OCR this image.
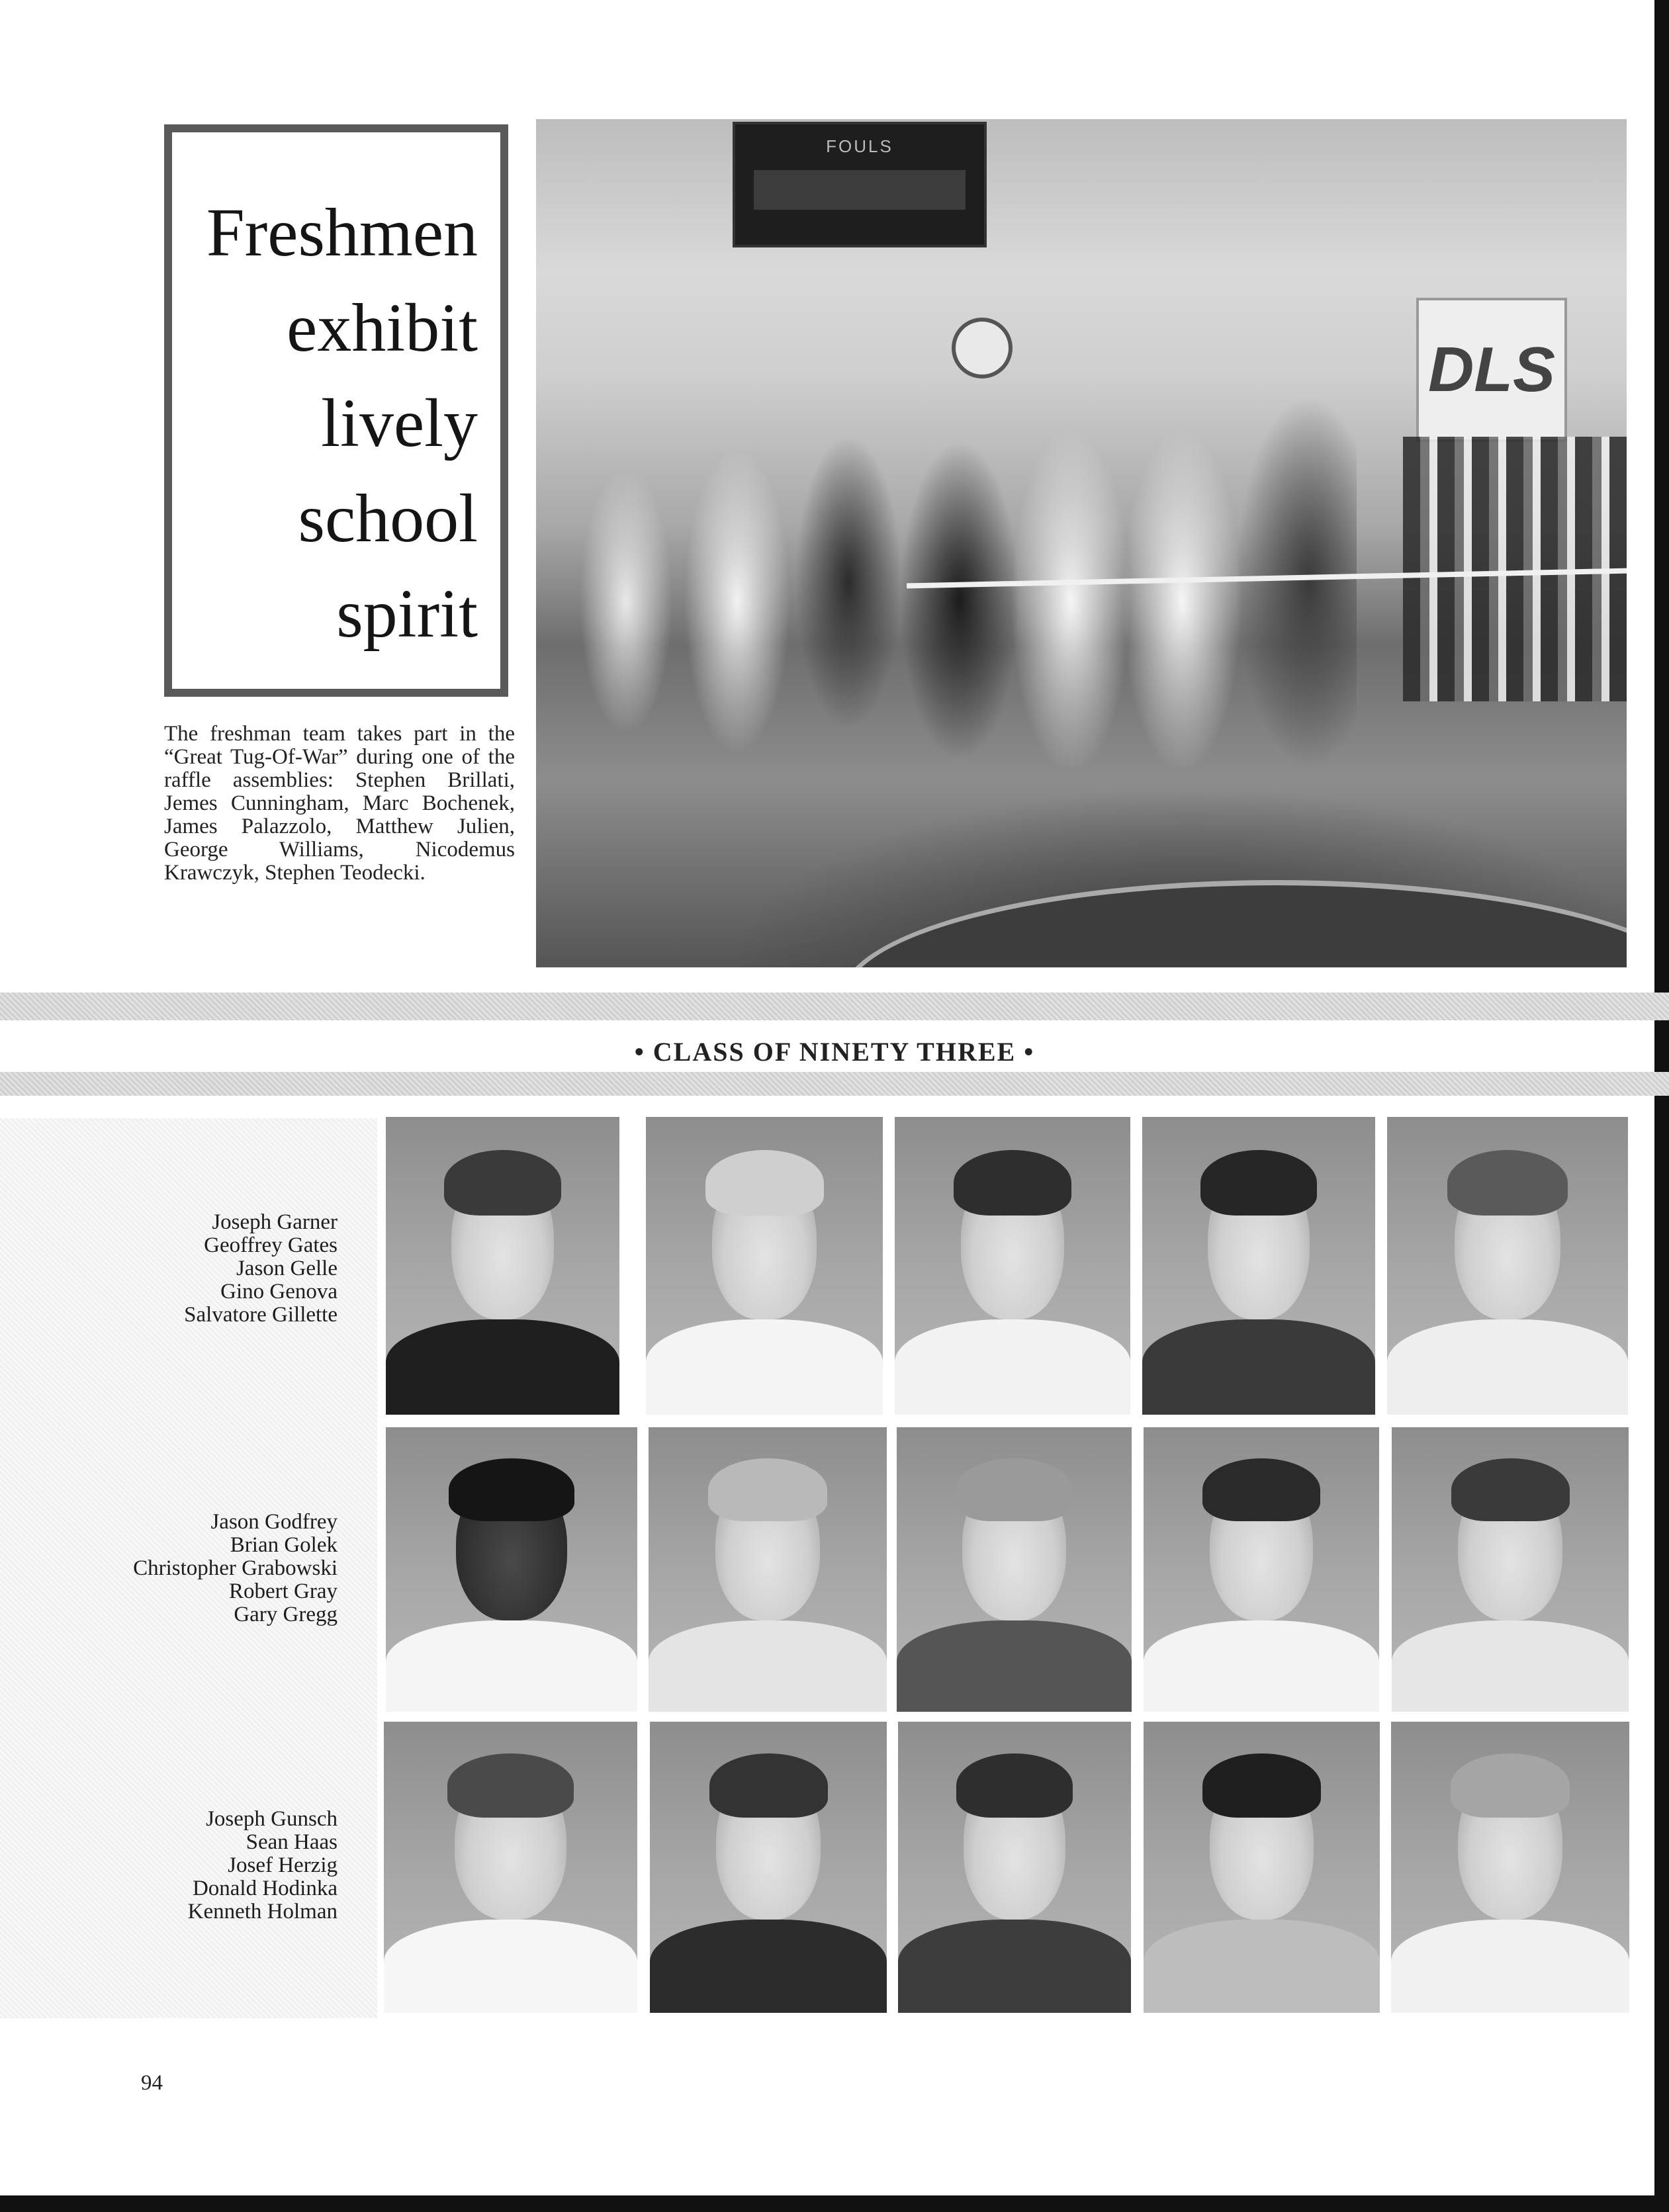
Freshmen
exhibit
lively
school
spirit
The freshman team takes part in the “Great Tug-Of-War” during one of the raffle assemblies: Stephen Brillati, Jemes Cunningham, Marc Bochenek, James Palazzolo, Matthew Julien, George Williams, Nicodemus Krawczyk, Stephen Teodecki.
FOULS
DLS
• CLASS OF NINETY THREE •
Joseph Garner
Geoffrey Gates
Jason Gelle
Gino Genova
Salvatore Gillette
Jason Godfrey
Brian Golek
Christopher Grabowski
Robert Gray
Gary Gregg
Joseph Gunsch
Sean Haas
Josef Herzig
Donald Hodinka
Kenneth Holman
94
